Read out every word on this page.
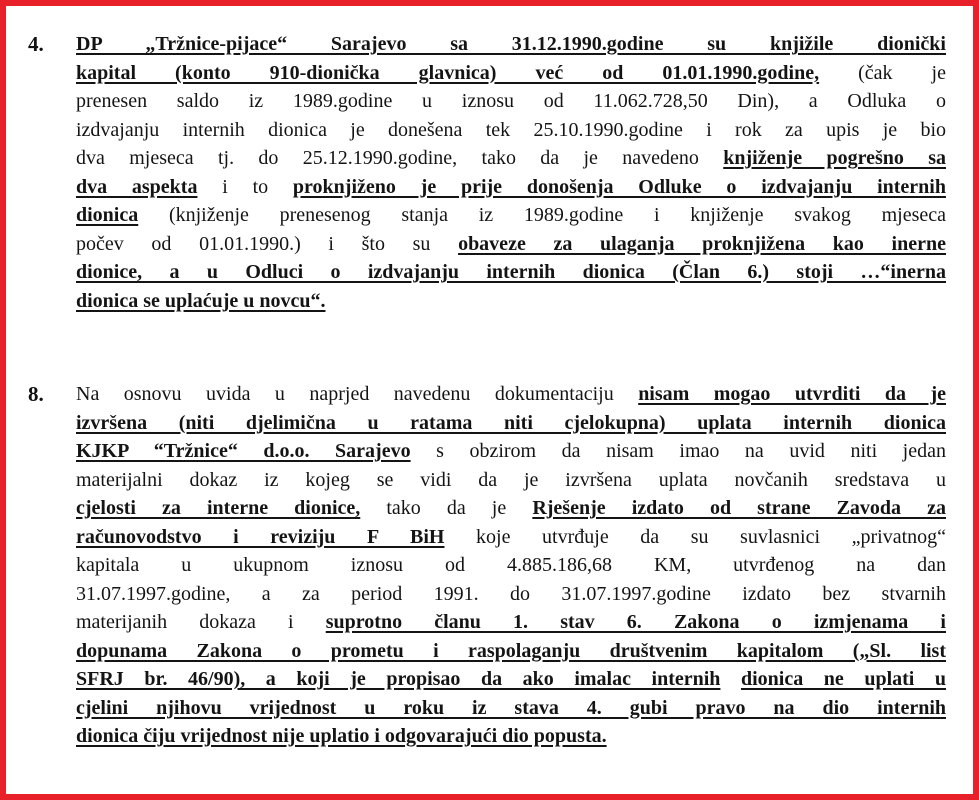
4. DP „Tržnice-pijace“ Sarajevo sa 31.12.1990.godine su knjižile dionički
kapital (konto 910-dionička glavnica) već od 01.01.1990.godine, (čak je
prenesen saldo iz 1989.godine u iznosu od 11.062.728,50 Din), a Odluka o
izdvajanju internih dionica je donešena tek 25.10.1990.godine i rok za upis je bio
dva mjeseca tj. do 25.12.1990.godine, tako da je navedeno knjiženje pogrešno sa
dva aspekta i to proknjiženo je prije donošenja Odluke o izdvajanju internih
dionica (knjiženje prenesenog stanja iz 1989.godine i knjiženje svakog mjeseca
počev od 01.01.1990.) i što su obaveze za ulaganja proknjižena kao inerne
dionice, a u Odluci o izdvajanju internih dionica (Član 6.) stoji …“inerna
dionica se uplaćuje u novcu“.
8. Na osnovu uvida u naprjed navedenu dokumentaciju nisam mogao utvrditi da je
izvršena (niti djelimična u ratama niti cjelokupna) uplata internih dionica
KJKP “Tržnice“ d.o.o. Sarajevo s obzirom da nisam imao na uvid niti jedan
materijalni dokaz iz kojeg se vidi da je izvršena uplata novčanih sredstava u
cjelosti za interne dionice, tako da je Rješenje izdato od strane Zavoda za
računovodstvo i reviziju F BiH koje utvrđuje da su suvlasnici „privatnog“
kapitala u ukupnom iznosu od 4.885.186,68 KM, utvrđenog na dan
31.07.1997.godine, a za period 1991. do 31.07.1997.godine izdato bez stvarnih
materijanih dokaza i suprotno članu 1. stav 6. Zakona o izmjenama i
dopunama Zakona o prometu i raspolaganju društvenim kapitalom („Sl. list
SFRJ br. 46/90), a koji je propisao da ako imalac internih dionica ne uplati u
cjelini njihovu vrijednost u roku iz stava 4. gubi pravo na dio internih
dionica čiju vrijednost nije uplatio i odgovarajući dio popusta.
